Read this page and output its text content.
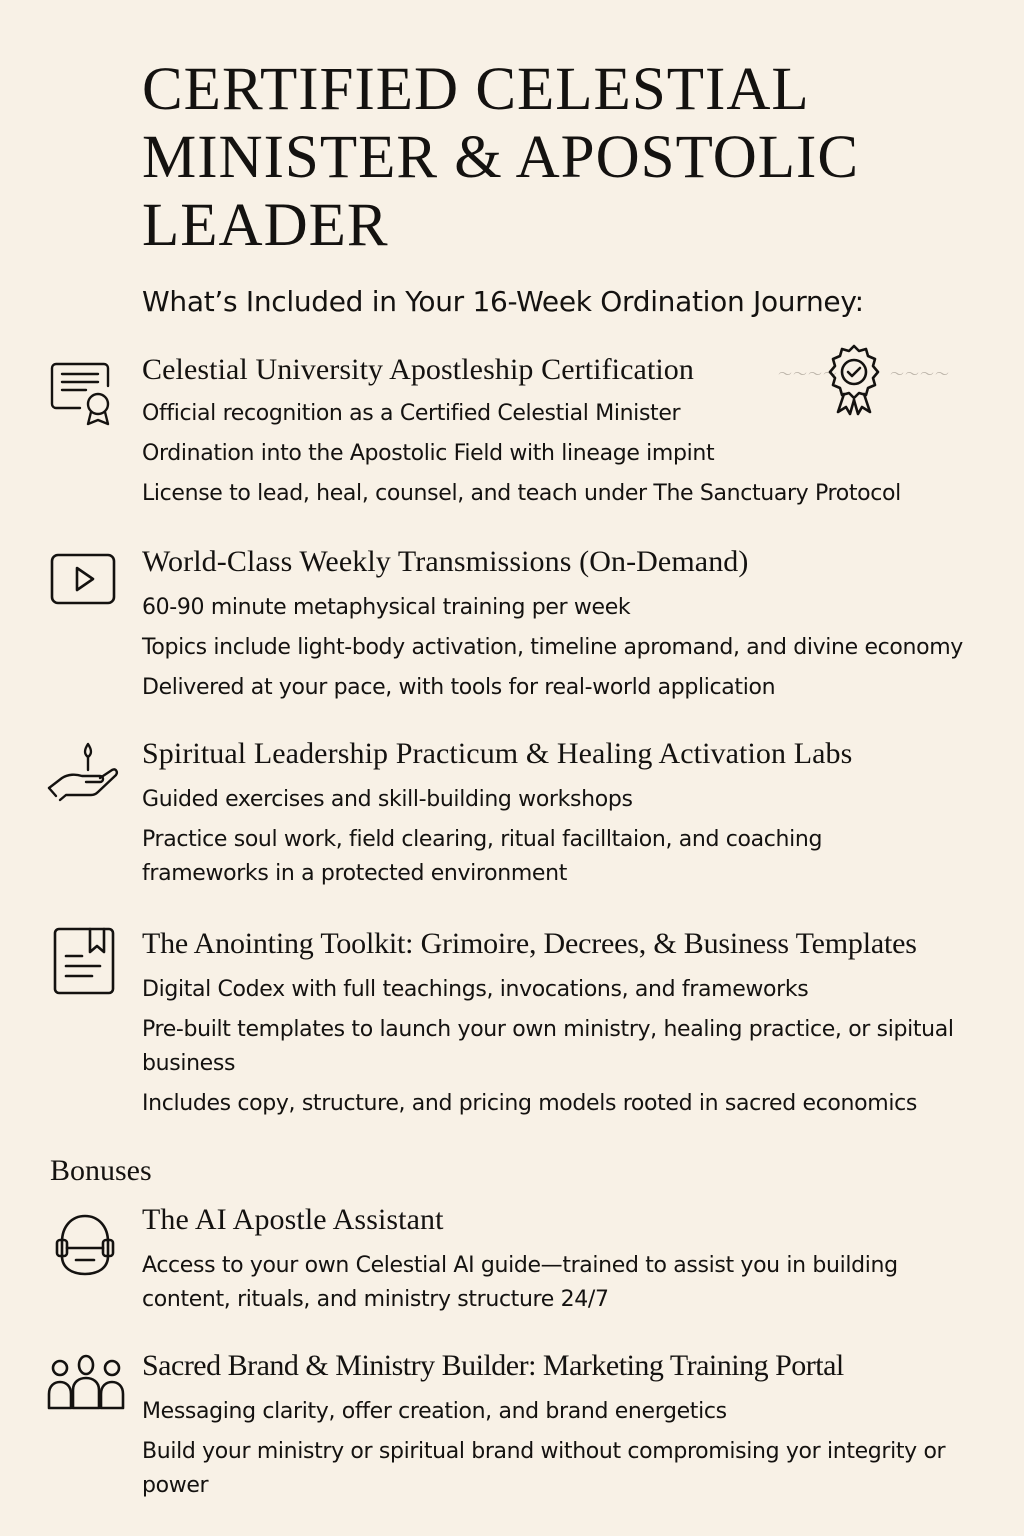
CERTIFIED CELESTIAL
MINISTER & APOSTOLIC
LEADER

What’s Included in Your 16-Week Ordination Journey:

Celestial University Apostleship Certification
Official recognition as a Certified Celestial Minister
Ordination into the Apostolic Field with lineage impint
License to lead, heal, counsel, and teach under The Sanctuary Protocol
〜〜〜〜	〜〜〜〜
World-Class Weekly Transmissions (On-Demand)
60-90 minute metaphysical training per week
Topics include light-body activation, timeline apromand, and divine economy
Delivered at your pace, with tools for real-world application
Spiritual Leadership Practicum & Healing Activation Labs
Guided exercises and skill-building workshops
Practice soul work, field clearing, ritual facilltaion, and coaching frameworks in a protected environment
The Anointing Toolkit: Grimoire, Decrees, & Business Templates
Digital Codex with full teachings, invocations, and frameworks
Pre-built templates to launch your own ministry, healing practice, or sipitual business
Includes copy, structure, and pricing models rooted in sacred economics
Bonuses
The AI Apostle Assistant
Access to your own Celestial AI guide—trained to assist you in building content, rituals, and ministry structure 24/7
Sacred Brand & Ministry Builder: Marketing Training Portal
Messaging clarity, offer creation, and brand energetics
Build your ministry or spiritual brand without compromising yor integrity or power
